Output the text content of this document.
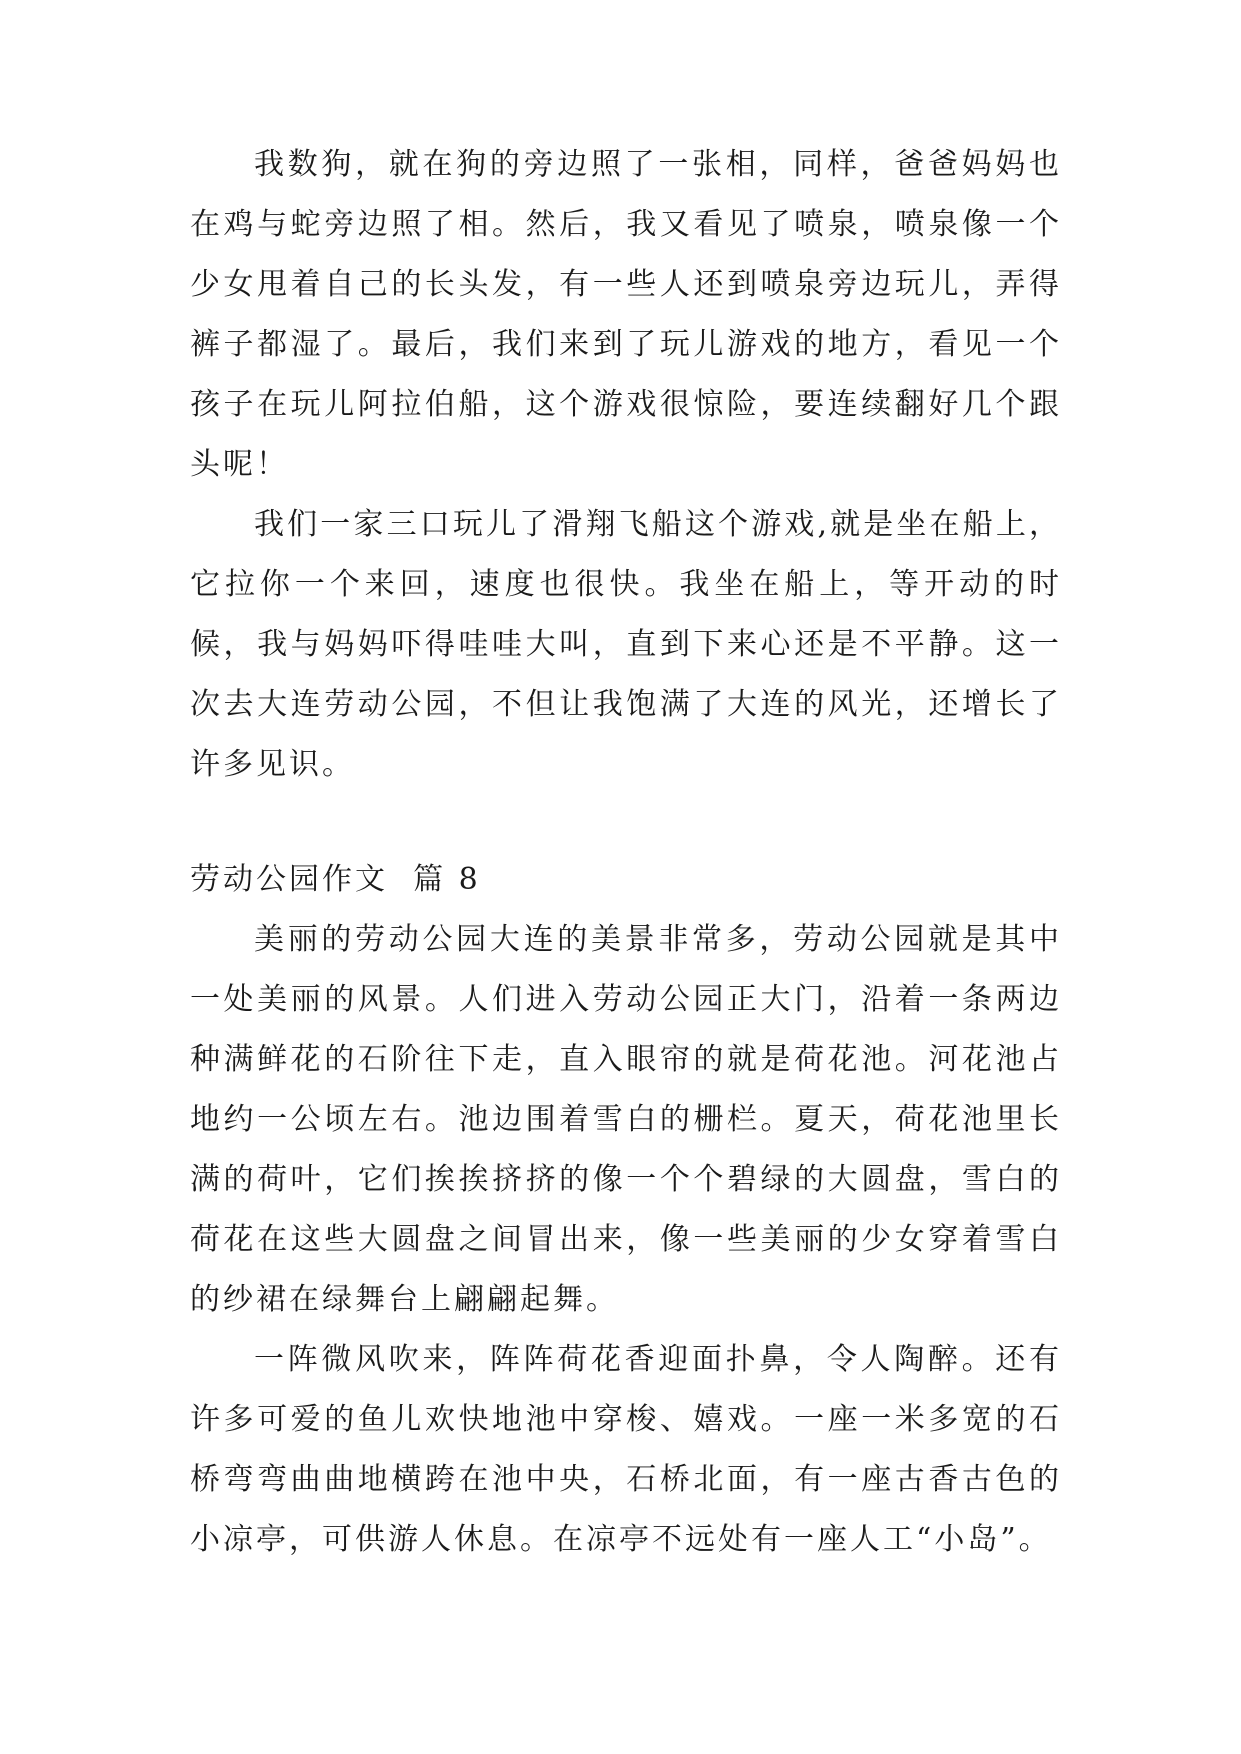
我数狗，就在狗的旁边照了一张相，同样，爸爸妈妈也在鸡与蛇旁边照了相。然后，我又看见了喷泉，喷泉像一个少女甩着自己的长头发，有一些人还到喷泉旁边玩儿，弄得裤子都湿了。最后，我们来到了玩儿游戏的地方，看见一个孩子在玩儿阿拉伯船，这个游戏很惊险，要连续翻好几个跟头呢！

我们一家三口玩儿了滑翔飞船这个游戏,就是坐在船上，它拉你一个来回，速度也很快。我坐在船上，等开动的时候，我与妈妈吓得哇哇大叫，直到下来心还是不平静。这一次去大连劳动公园，不但让我饱满了大连的风光，还增长了许多见识。

劳动公园作文  篇 8

美丽的劳动公园大连的美景非常多，劳动公园就是其中一处美丽的风景。人们进入劳动公园正大门，沿着一条两边种满鲜花的石阶往下走，直入眼帘的就是荷花池。河花池占地约一公顷左右。池边围着雪白的栅栏。夏天，荷花池里长满的荷叶，它们挨挨挤挤的像一个个碧绿的大圆盘，雪白的荷花在这些大圆盘之间冒出来，像一些美丽的少女穿着雪白的纱裙在绿舞台上翩翩起舞。

一阵微风吹来，阵阵荷花香迎面扑鼻，令人陶醉。还有许多可爱的鱼儿欢快地池中穿梭、嬉戏。一座一米多宽的石桥弯弯曲曲地横跨在池中央，石桥北面，有一座古香古色的小凉亭，可供游人休息。在凉亭不远处有一座人工“小岛”。
